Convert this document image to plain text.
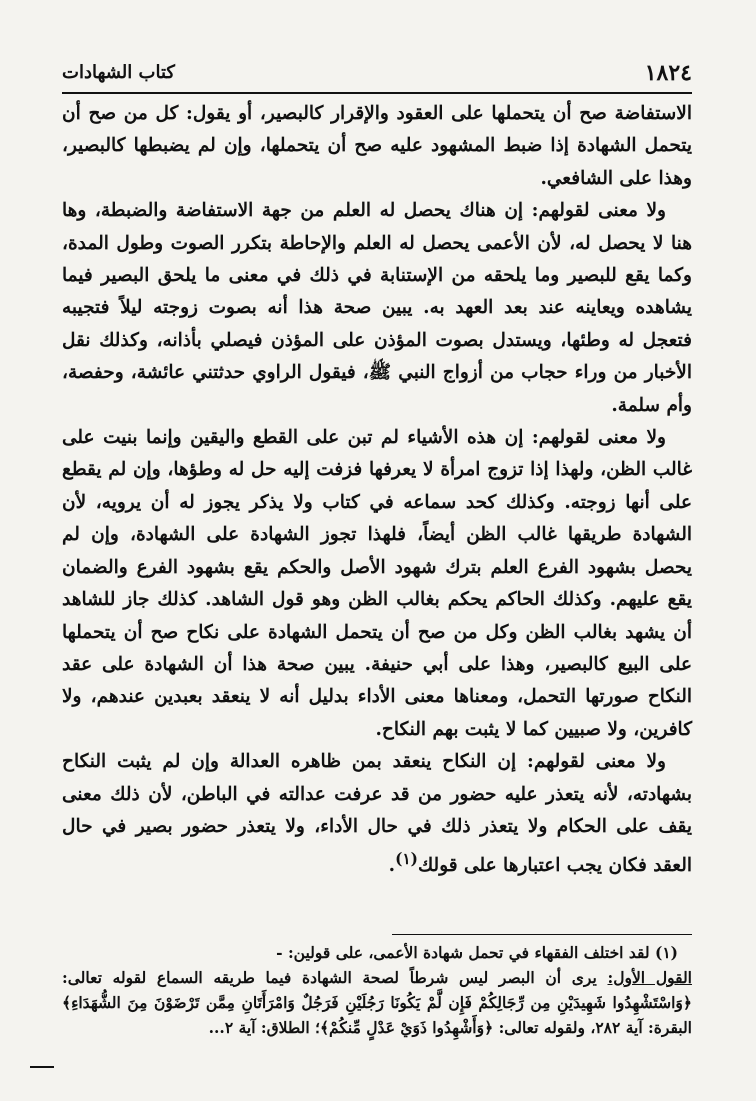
١٨٢٤
كتاب الشهادات

الاستفاضة صح أن يتحملها على العقود والإقرار كالبصير، أو يقول: كل من صح أن يتحمل الشهادة إذا ضبط المشهود عليه صح أن يتحملها، وإن لم يضبطها كالبصير، وهذا على الشافعي.

ولا معنى لقولهم: إن هناك يحصل له العلم من جهة الاستفاضة والضبطة، وها هنا لا يحصل له، لأن الأعمى يحصل له العلم والإحاطة بتكرر الصوت وطول المدة، وكما يقع للبصير وما يلحقه من الإستنابة في ذلك في معنى ما يلحق البصير فيما يشاهده ويعاينه عند بعد العهد به. يبين صحة هذا أنه بصوت زوجته ليلاً فتجيبه فتعجل له وطئها، ويستدل بصوت المؤذن على المؤذن فيصلي بأذانه، وكذلك نقل الأخبار من وراء حجاب من أزواج النبي ﷺ، فيقول الراوي حدثتني عائشة، وحفصة، وأم سلمة.

ولا معنى لقولهم: إن هذه الأشياء لم تبن على القطع واليقين وإنما بنيت على غالب الظن، ولهذا إذا تزوج امرأة لا يعرفها فزفت إليه حل له وطؤها، وإن لم يقطع على أنها زوجته. وكذلك كحد سماعه في كتاب ولا يذكر يجوز له أن يرويه، لأن الشهادة طريقها غالب الظن أيضاً، فلهذا تجوز الشهادة على الشهادة، وإن لم يحصل بشهود الفرع العلم بترك شهود الأصل والحكم يقع بشهود الفرع والضمان يقع عليهم. وكذلك الحاكم يحكم بغالب الظن وهو قول الشاهد. كذلك جاز للشاهد أن يشهد بغالب الظن وكل من صح أن يتحمل الشهادة على نكاح صح أن يتحملها على البيع كالبصير، وهذا على أبي حنيفة. يبين صحة هذا أن الشهادة على عقد النكاح صورتها التحمل، ومعناها معنى الأداء بدليل أنه لا ينعقد بعبدين عندهم، ولا كافرين، ولا صبيين كما لا يثبت بهم النكاح.

ولا معنى لقولهم: إن النكاح ينعقد بمن ظاهره العدالة وإن لم يثبت النكاح بشهادته، لأنه يتعذر عليه حضور من قد عرفت عدالته في الباطن، لأن ذلك معنى يقف على الحكام ولا يتعذر ذلك في حال الأداء، ولا يتعذر حضور بصير في حال العقد فكان يجب اعتبارها على قولك$^{(١)}$.

(١) لقد اختلف الفقهاء في تحمل شهادة الأعمى، على قولين: -

القول الأول: يرى أن البصر ليس شرطاً لصحة الشهادة فيما طريقه السماع لقوله تعالى: ﴿وَاسْتَشْهِدُوا شَهِيدَيْنِ مِن رِّجَالِكُمْ فَإِن لَّمْ يَكُونَا رَجُلَيْنِ فَرَجُلٌ وَامْرَأَتَانِ مِمَّن تَرْضَوْنَ مِنَ الشُّهَدَاءِ﴾ البقرة: آية ٢٨٢، ولقوله تعالى: ﴿وَأَشْهِدُوا ذَوَيْ عَدْلٍ مِّنكُمْ﴾؛ الطلاق: آية ٢...
